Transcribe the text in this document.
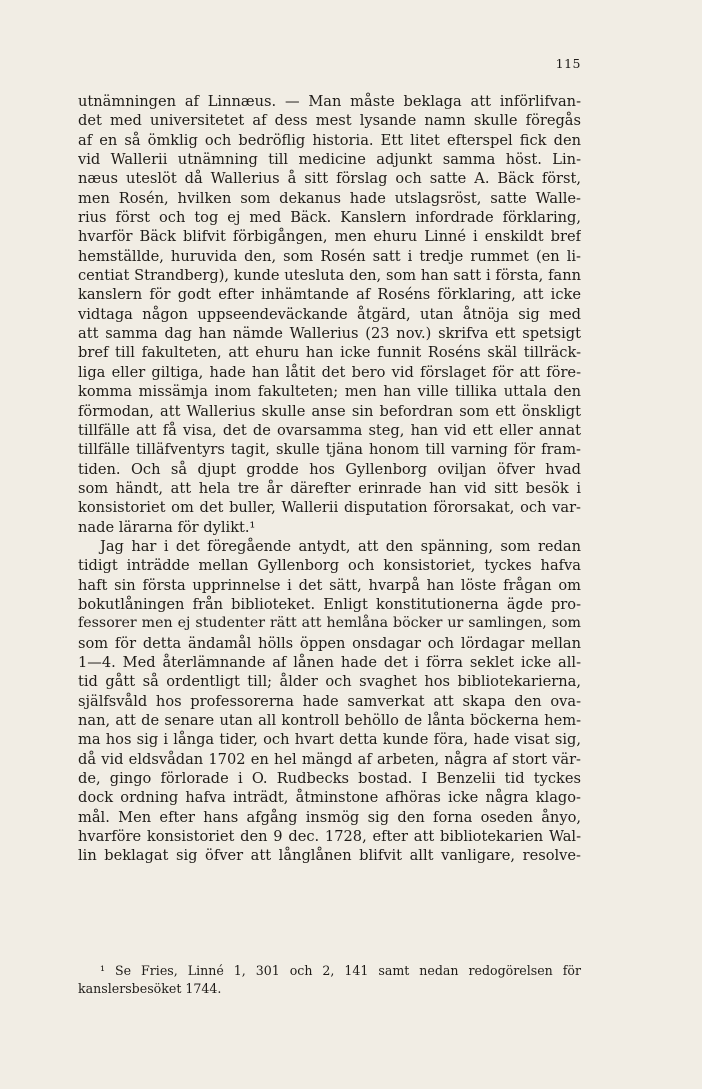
115
utnämningen af Linnæus. — Man måste beklaga att införlifvan-
det med universitetet af dess mest lysande namn skulle föregås
af en så ömklig och bedröflig historia. Ett litet efterspel fick den
vid Wallerii utnämning till medicine adjunkt samma höst. Lin-
næus uteslöt då Wallerius å sitt förslag och satte A. Bäck först,
men Rosén, hvilken som dekanus hade utslagsröst, satte Walle-
rius först och tog ej med Bäck. Kanslern infordrade förklaring,
hvarför Bäck blifvit förbigången, men ehuru Linné i enskildt bref
hemställde, huruvida den, som Rosén satt i tredje rummet (en li-
centiat Strandberg), kunde utesluta den, som han satt i första, fann
kanslern för godt efter inhämtande af Roséns förklaring, att icke
vidtaga någon uppseendeväckande åtgärd, utan åtnöja sig med
att samma dag han nämde Wallerius (23 nov.) skrifva ett spetsigt
bref till fakulteten, att ehuru han icke funnit Roséns skäl tillräck-
liga eller giltiga, hade han låtit det bero vid förslaget för att före-
komma missämja inom fakulteten; men han ville tillika uttala den
förmodan, att Wallerius skulle anse sin befordran som ett önskligt
tillfälle att få visa, det de ovarsamma steg, han vid ett eller annat
tillfälle tilläfventyrs tagit, skulle tjäna honom till varning för fram-
tiden. Och så djupt grodde hos Gyllenborg oviljan öfver hvad
som händt, att hela tre år därefter erinrade han vid sitt besök i
konsistoriet om det buller, Wallerii disputation förorsakat, och var-
nade lärarna för dylikt.¹
Jag har i det föregående antydt, att den spänning, som redan
tidigt inträdde mellan Gyllenborg och konsistoriet, tyckes hafva
haft sin första upprinnelse i det sätt, hvarpå han löste frågan om
bokutlåningen från biblioteket. Enligt konstitutionerna ägde pro-
fessorer men ej studenter rätt att hemlåna böcker ur samlingen, som
som för detta ändamål hölls öppen onsdagar och lördagar mellan
1—4. Med återlämnande af lånen hade det i förra seklet icke all-
tid gått så ordentligt till; ålder och svaghet hos bibliotekarierna,
själfsvåld hos professorerna hade samverkat att skapa den ova-
nan, att de senare utan all kontroll behöllo de lånta böckerna hem-
ma hos sig i långa tider, och hvart detta kunde föra, hade visat sig,
då vid eldsvådan 1702 en hel mängd af arbeten, några af stort vär-
de, gingo förlorade i O. Rudbecks bostad. I Benzelii tid tyckes
dock ordning hafva inträdt, åtminstone afhöras icke några klago-
mål. Men efter hans afgång insmög sig den forna oseden ånyo,
hvarföre konsistoriet den 9 dec. 1728, efter att bibliotekarien Wal-
lin beklagat sig öfver att långlånen blifvit allt vanligare, resolve-
¹ Se Fries, Linné 1, 301 och 2, 141 samt nedan redogörelsen för
kanslersbesöket 1744.
